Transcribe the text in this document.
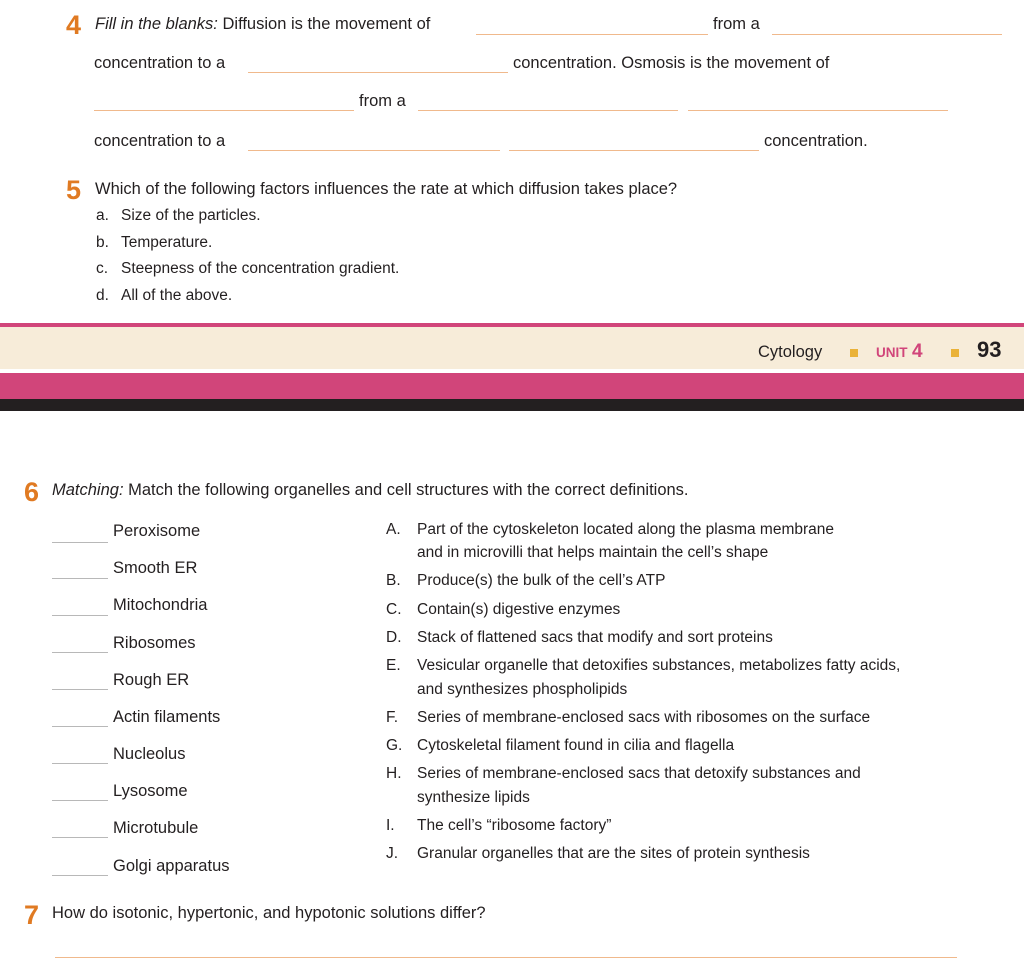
4 Fill in the blanks: Diffusion is the movement of	from a
concentration to a	concentration. Osmosis is the movement of
from a
concentration to a	concentration.
5 Which of the following factors influences the rate at which diffusion takes place?
a. Size of the particles.
b. Temperature.
c. Steepness of the concentration gradient.
d. All of the above.
Cytology	UNIT 4 93
6 Matching: Match the following organelles and cell structures with the correct definitions.
Peroxisome
Smooth ER
Mitochondria
Ribosomes
Rough ER
Actin filaments
Nucleolus
Lysosome
Microtubule
Golgi apparatus
A. Part of the cytoskeleton located along the plasma membrane
and in microvilli that helps maintain the cell’s shape
B. Produce(s) the bulk of the cell’s ATP
C. Contain(s) digestive enzymes
D. Stack of flattened sacs that modify and sort proteins
E. Vesicular organelle that detoxifies substances, metabolizes fatty acids,
and synthesizes phospholipids
F. Series of membrane-enclosed sacs with ribosomes on the surface
G. Cytoskeletal filament found in cilia and flagella
H. Series of membrane-enclosed sacs that detoxify substances and
synthesize lipids
I. The cell’s “ribosome factory”
J. Granular organelles that are the sites of protein synthesis
7 How do isotonic, hypertonic, and hypotonic solutions differ?
